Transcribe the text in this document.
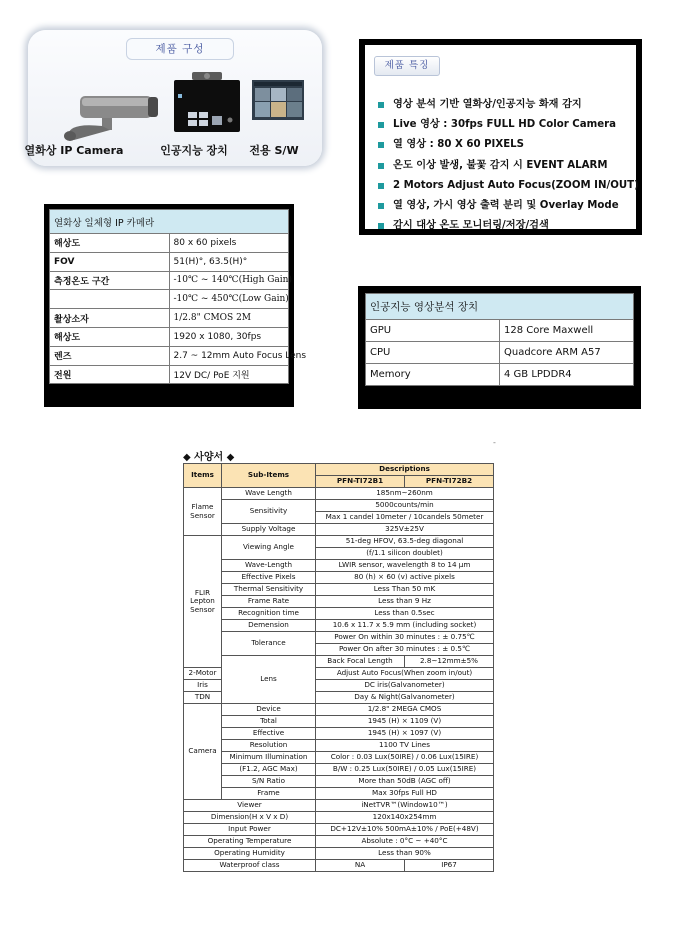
제품 구성
열화상 IP Camera	인공지능 장치	전용 S/W
제품 특징
영상 분석 기반 열화상/인공지능 화재 감지
Live 영상 : 30fps FULL HD Color Camera
열 영상 : 80 X 60 PIXELS
온도 이상 발생, 불꽃 감지 시 EVENT ALARM
2 Motors Adjust Auto Focus(ZOOM IN/OUT)
열 영상, 가시 영상 출력 분리 및 Overlay Mode
감시 대상 온도 모니터링/저장/검색
열화상 일체형 IP 카메라	
해상도	80 x 60 pixels
FOV	51(H)°, 63.5(H)°
측정온도 구간	-10℃ ~ 140℃(High Gain)
	-10℃ ~ 450℃(Low Gain)
촬상소자	1/2.8" CMOS 2M
해상도	1920 x 1080, 30fps
렌즈	2.7 ~ 12mm Auto Focus Lens
전원	12V DC/ PoE 지원
인공지능 영상분석 장치	
GPU	128 Core Maxwell
CPU	Quadcore ARM A57
Memory	4 GB LPDDR4
-
◆ 사양서 ◆
Items	Sub-Items	Descriptions	
		PFN-TI72B1	PFN-TI72B2
Flame Sensor	Wave Length	185nm~260nm	
	Sensitivity	5000counts/min	
		Max 1 candel 10meter / 10candels 50meter	
	Supply Voltage	325V±25V	
FLIR Lepton Sensor	Viewing Angle	51-deg HFOV, 63.5-deg diagonal	
		(f/1.1 silicon doublet)	
	Wave-Length	LWIR sensor, wavelength 8 to 14 μm	
	Effective Pixels	80 (h) × 60 (v) active pixels	
	Thermal Sensitivity	Less Than 50 mK	
	Frame Rate	Less than 9 Hz	
	Recognition time	Less than 0.5sec	
	Demension	10.6 x 11.7 x 5.9 mm (including socket)	
	Tolerance	Power On within 30 minutes : ± 0.75℃	
		Power On after 30 minutes : ± 0.5℃	
	Lens	Back Focal Length	2.8~12mm±5%
2-Motor		Adjust Auto Focus(When zoom in/out)	
Iris		DC iris(Galvanometer)	
TDN		Day & Night(Galvanometer)	
Camera	Device	1/2.8" 2MEGA CMOS	
	Total	1945 (H) × 1109 (V)	
	Effective	1945 (H) × 1097 (V)	
	Resolution	1100 TV Lines	
	Minimum Illumination	Color : 0.03 Lux(50IRE) / 0.06 Lux(15IRE)	
	(F1.2, AGC Max)	B/W : 0.25 Lux(50IRE) / 0.05 Lux(15IRE)	
	S/N Ratio	More than 50dB (AGC off)	
	Frame	Max 30fps Full HD	
Viewer		iNetTVR™(Window10™)	
Dimension(H x V x D)		120x140x254mm	
Input Power		DC+12V±10% 500mA±10% / PoE(+48V)	
Operating Temperature		Absolute : 0°C ~ +40°C	
Operating Humidity		Less than 90%	
Waterproof class		NA	IP67
